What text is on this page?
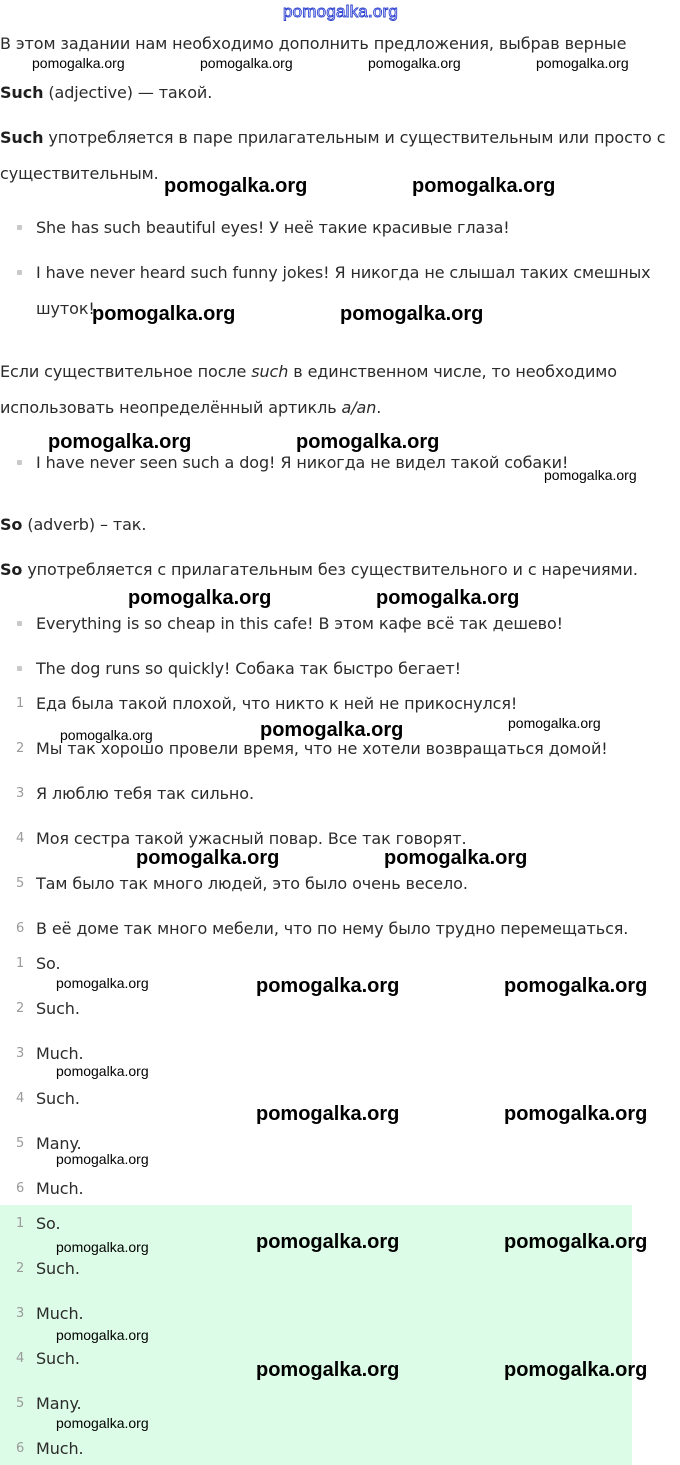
pomogalka.org
В этом задании нам необходимо дополнить предложения, выбрав верные
Such (adjective) — такой.
Such употребляется в паре прилагательным и существительным или просто с
существительным.
She has such beautiful eyes! У неё такие красивые глаза!
I have never heard such funny jokes! Я никогда не слышал таких смешных
шуток!
Если существительное после such в единственном числе, то необходимо
использовать неопределённый артикль a/an.
I have never seen such a dog! Я никогда не видел такой собаки!
So (adverb) – так.
So употребляется с прилагательным без существительного и с наречиями.
Everything is so cheap in this cafe! В этом кафе всё так дешево!
The dog runs so quickly! Собака так быстро бегает!
1 Еда была такой плохой, что никто к ней не прикоснулся!
2 Мы так хорошо провели время, что не хотели возвращаться домой!
3 Я люблю тебя так сильно.
4 Моя сестра такой ужасный повар. Все так говорят.
5 Там было так много людей, это было очень весело.
6 В её доме так много мебели, что по нему было трудно перемещаться.
1 So.
2 Such.
3 Much.
4 Such.
5 Many.
6 Much.
1 So.
2 Such.
3 Much.
4 Such.
5 Many.
6 Much.
pomogalka.org	pomogalka.org	pomogalka.org	pomogalka.org
pomogalka.org	pomogalka.org
pomogalka.org	pomogalka.org
pomogalka.org	pomogalka.org
pomogalka.org
pomogalka.org	pomogalka.org
pomogalka.org
pomogalka.org	pomogalka.org
pomogalka.org	pomogalka.org
pomogalka.org	pomogalka.org	pomogalka.org
pomogalka.org
pomogalka.org	pomogalka.org
pomogalka.org
pomogalka.org	pomogalka.org	pomogalka.org
pomogalka.org
pomogalka.org	pomogalka.org
pomogalka.org
